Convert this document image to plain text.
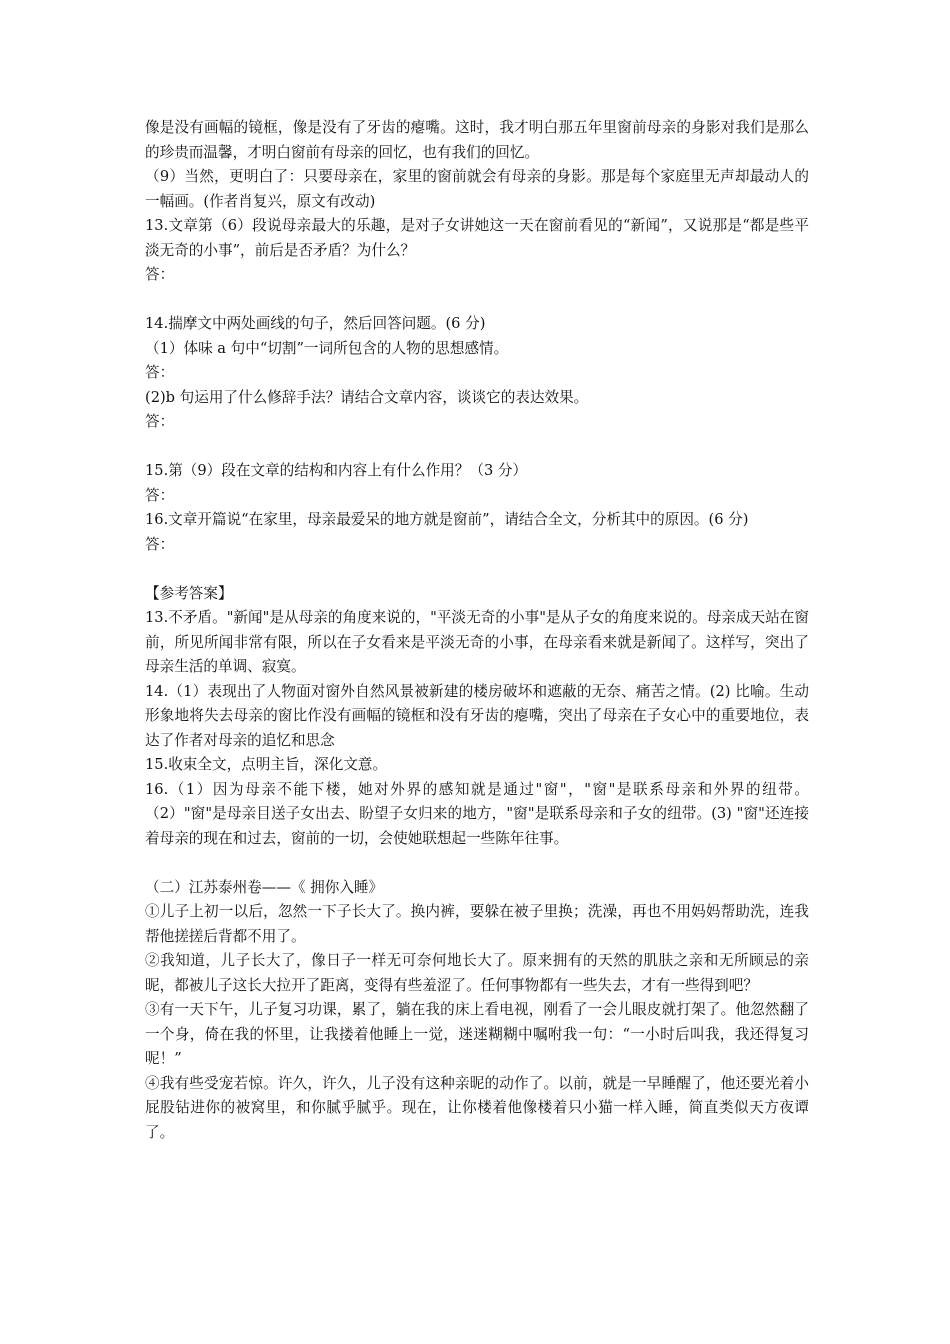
像是没有画幅的镜框，像是没有了牙齿的瘪嘴。这时，我才明白那五年里窗前母亲的身影对我们是那么的珍贵而温馨，才明白窗前有母亲的回忆，也有我们的回忆。

（9）当然，更明白了：只要母亲在，家里的窗前就会有母亲的身影。那是每个家庭里无声却最动人的一幅画。(作者肖复兴，原文有改动)

13.文章第（6）段说母亲最大的乐趣，是对子女讲她这一天在窗前看见的“新闻”，又说那是“都是些平淡无奇的小事”，前后是否矛盾？为什么？

答：

14.揣摩文中两处画线的句子，然后回答问题。(6 分)

（1）体味 a 句中“切割”一词所包含的人物的思想感情。

答：

(2)b 句运用了什么修辞手法？请结合文章内容，谈谈它的表达效果。

答：

15.第（9）段在文章的结构和内容上有什么作用？（3 分）

答：

16.文章开篇说“在家里，母亲最爱呆的地方就是窗前”，请结合全文，分析其中的原因。(6 分)

答：

【参考答案】

13.不矛盾。"新闻"是从母亲的角度来说的，"平淡无奇的小事"是从子女的角度来说的。母亲成天站在窗前，所见所闻非常有限，所以在子女看来是平淡无奇的小事，在母亲看来就是新闻了。这样写，突出了母亲生活的单调、寂寞。

14.（1）表现出了人物面对窗外自然风景被新建的楼房破坏和遮蔽的无奈、痛苦之情。(2) 比喻。生动形象地将失去母亲的窗比作没有画幅的镜框和没有牙齿的瘪嘴，突出了母亲在子女心中的重要地位，表达了作者对母亲的追忆和思念

15.收束全文，点明主旨，深化文意。

16.（1）因为母亲不能下楼，她对外界的感知就是通过"窗"，"窗"是联系母亲和外界的纽带。（2）"窗"是母亲目送子女出去、盼望子女归来的地方，"窗"是联系母亲和子女的纽带。(3) "窗"还连接着母亲的现在和过去，窗前的一切，会使她联想起一些陈年往事。

（二）江苏泰州卷——《 拥你入睡》

①儿子上初一以后，忽然一下子长大了。换内裤，要躲在被子里换；洗澡，再也不用妈妈帮助洗，连我帮他搓搓后背都不用了。

②我知道，儿子长大了，像日子一样无可奈何地长大了。原来拥有的天然的肌肤之亲和无所顾忌的亲昵，都被儿子这长大拉开了距离，变得有些羞涩了。任何事物都有一些失去，才有一些得到吧？

③有一天下午，儿子复习功课，累了，躺在我的床上看电视，刚看了一会儿眼皮就打架了。他忽然翻了一个身，倚在我的怀里，让我搂着他睡上一觉，迷迷糊糊中嘱咐我一句：“一小时后叫我，我还得复习呢！”

④我有些受宠若惊。许久，许久，儿子没有这种亲昵的动作了。以前，就是一早睡醒了，他还要光着小屁股钻进你的被窝里，和你腻乎腻乎。现在，让你楼着他像楼着只小猫一样入睡，简直类似天方夜谭了。
